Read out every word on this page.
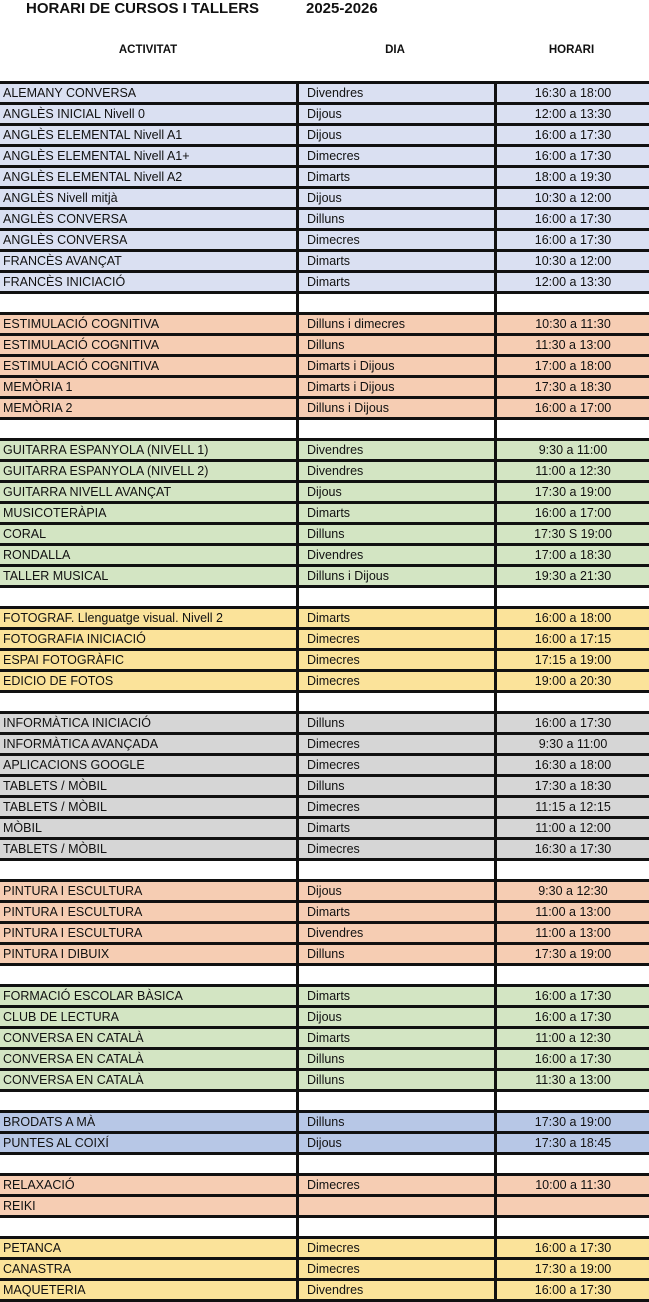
HORARI DE CURSOS I TALLERS	2025-2026
ACTIVITAT	DIA	HORARI
ALEMANY CONVERSA	Divendres	16:30 a 18:00
ANGLÈS INICIAL Nivell 0	Dijous	12:00 a 13:30
ANGLÈS ELEMENTAL Nivell A1	Dijous	16:00 a 17:30
ANGLÈS ELEMENTAL Nivell A1+	Dimecres	16:00 a 17:30
ANGLÈS ELEMENTAL Nivell A2	Dimarts	18:00 a 19:30
ANGLÈS Nivell mitjà	Dijous	10:30 a 12:00
ANGLÈS CONVERSA	Dilluns	16:00 a 17:30
ANGLÈS CONVERSA	Dimecres	16:00 a 17:30
FRANCÈS AVANÇAT	Dimarts	10:30 a 12:00
FRANCÈS INICIACIÓ	Dimarts	12:00 a 13:30
ESTIMULACIÓ COGNITIVA	Dilluns i dimecres	10:30 a 11:30
ESTIMULACIÓ COGNITIVA	Dilluns	11:30 a 13:00
ESTIMULACIÓ COGNITIVA	Dimarts i Dijous	17:00 a 18:00
MEMÒRIA 1	Dimarts i Dijous	17:30 a 18:30
MEMÒRIA 2	Dilluns i Dijous	16:00 a 17:00
GUITARRA ESPANYOLA (NIVELL 1)	Divendres	9:30 a 11:00
GUITARRA ESPANYOLA (NIVELL 2)	Divendres	11:00 a 12:30
GUITARRA NIVELL AVANÇAT	Dijous	17:30 a 19:00
MUSICOTERÀPIA	Dimarts	16:00 a 17:00
CORAL	Dilluns	17:30 S 19:00
RONDALLA	Divendres	17:00 a 18:30
TALLER MUSICAL	Dilluns i Dijous	19:30 a 21:30
FOTOGRAF. Llenguatge visual. Nivell 2	Dimarts	16:00 a 18:00
FOTOGRAFIA INICIACIÓ	Dimecres	16:00 a 17:15
ESPAI FOTOGRÀFIC	Dimecres	17:15 a 19:00
EDICIO DE FOTOS	Dimecres	19:00 a 20:30
INFORMÀTICA INICIACIÓ	Dilluns	16:00 a 17:30
INFORMÀTICA AVANÇADA	Dimecres	9:30 a 11:00
APLICACIONS GOOGLE	Dimecres	16:30 a 18:00
TABLETS / MÒBIL	Dilluns	17:30 a 18:30
TABLETS / MÒBIL	Dimecres	11:15 a 12:15
MÒBIL	Dimarts	11:00 a 12:00
TABLETS / MÒBIL	Dimecres	16:30 a 17:30
PINTURA I ESCULTURA	Dijous	9:30 a 12:30
PINTURA I ESCULTURA	Dimarts	11:00 a 13:00
PINTURA I ESCULTURA	Divendres	11:00 a 13:00
PINTURA I DIBUIX	Dilluns	17:30 a 19:00
FORMACIÓ ESCOLAR BÀSICA	Dimarts	16:00 a 17:30
CLUB DE LECTURA	Dijous	16:00 a 17:30
CONVERSA EN CATALÀ	Dimarts	11:00 a 12:30
CONVERSA EN CATALÀ	Dilluns	16:00 a 17:30
CONVERSA EN CATALÀ	Dilluns	11:30 a 13:00
BRODATS A MÀ	Dilluns	17:30 a 19:00
PUNTES AL COIXÍ	Dijous	17:30 a 18:45
RELAXACIÓ	Dimecres	10:00 a 11:30
REIKI
PETANCA	Dimecres	16:00 a 17:30
CANASTRA	Dimecres	17:30 a 19:00
MAQUETERIA	Divendres	16:00 a 17:30
